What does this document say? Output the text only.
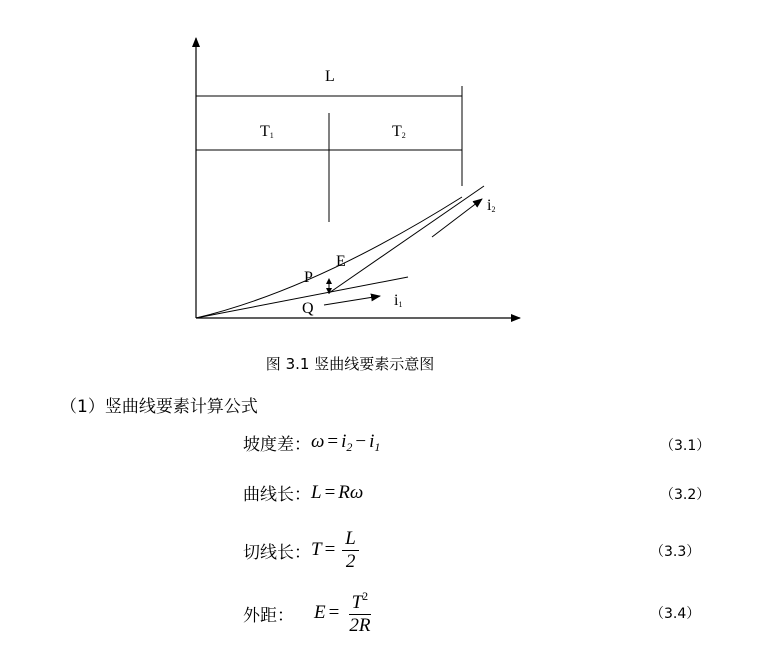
L
T1	T2
P
E
Q
i2
i1
图 3.1 竖曲线要素示意图
（1）竖曲线要素计算公式
坡度差： $\omega = i_2 - i_1$	（3.1）
曲线长： L = Rω	（3.2）
切线长： $T = \frac{L}{2}$	（3.3）
外距： $E = \frac{T^2}{2R}$	（3.4）
